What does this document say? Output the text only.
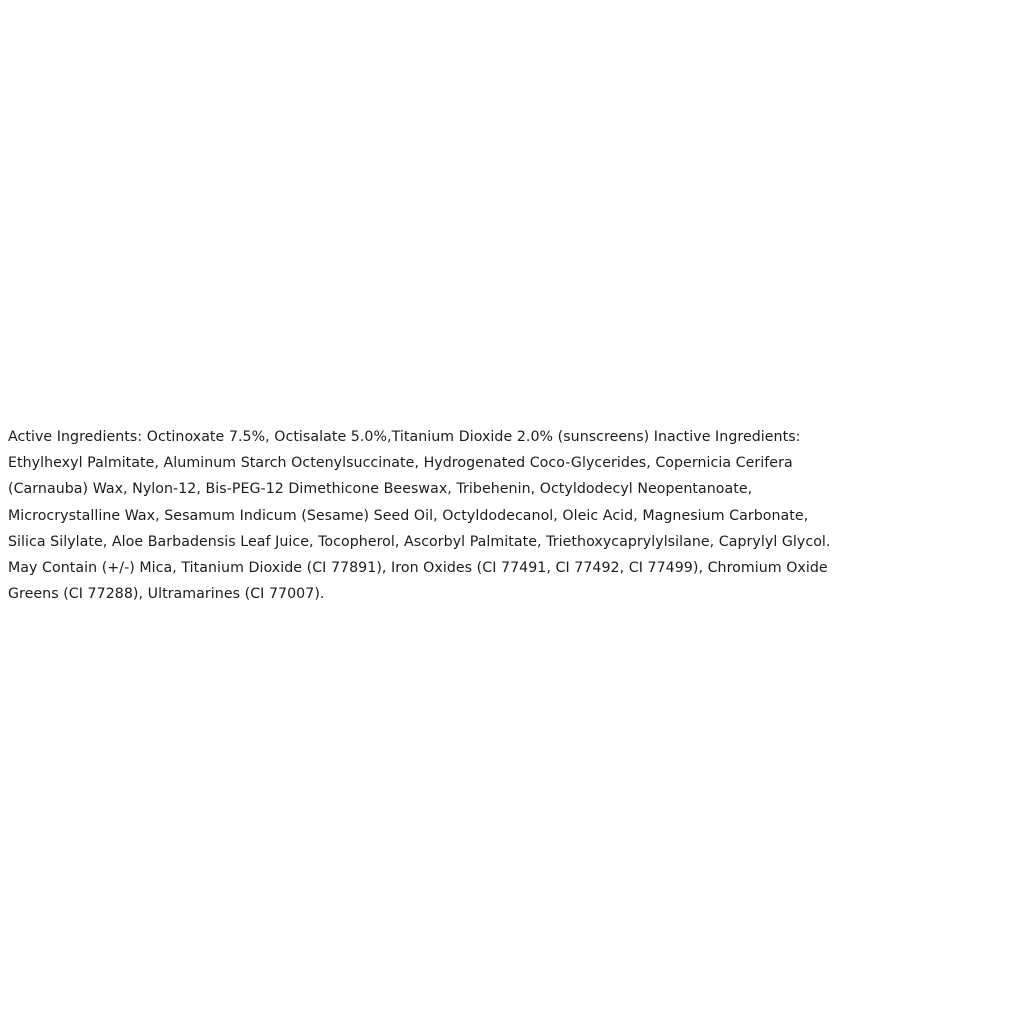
Active Ingredients: Octinoxate 7.5%, Octisalate 5.0%,Titanium Dioxide 2.0% (sunscreens) Inactive Ingredients:
Ethylhexyl Palmitate, Aluminum Starch Octenylsuccinate, Hydrogenated Coco-Glycerides, Copernicia Cerifera
(Carnauba) Wax, Nylon-12, Bis-PEG-12 Dimethicone Beeswax, Tribehenin, Octyldodecyl Neopentanoate,
Microcrystalline Wax, Sesamum Indicum (Sesame) Seed Oil, Octyldodecanol, Oleic Acid, Magnesium Carbonate,
Silica Silylate, Aloe Barbadensis Leaf Juice, Tocopherol, Ascorbyl Palmitate, Triethoxycaprylylsilane, Caprylyl Glycol.
May Contain (+/-) Mica, Titanium Dioxide (CI 77891), Iron Oxides (CI 77491, CI 77492, CI 77499), Chromium Oxide
Greens (CI 77288), Ultramarines (CI 77007).
